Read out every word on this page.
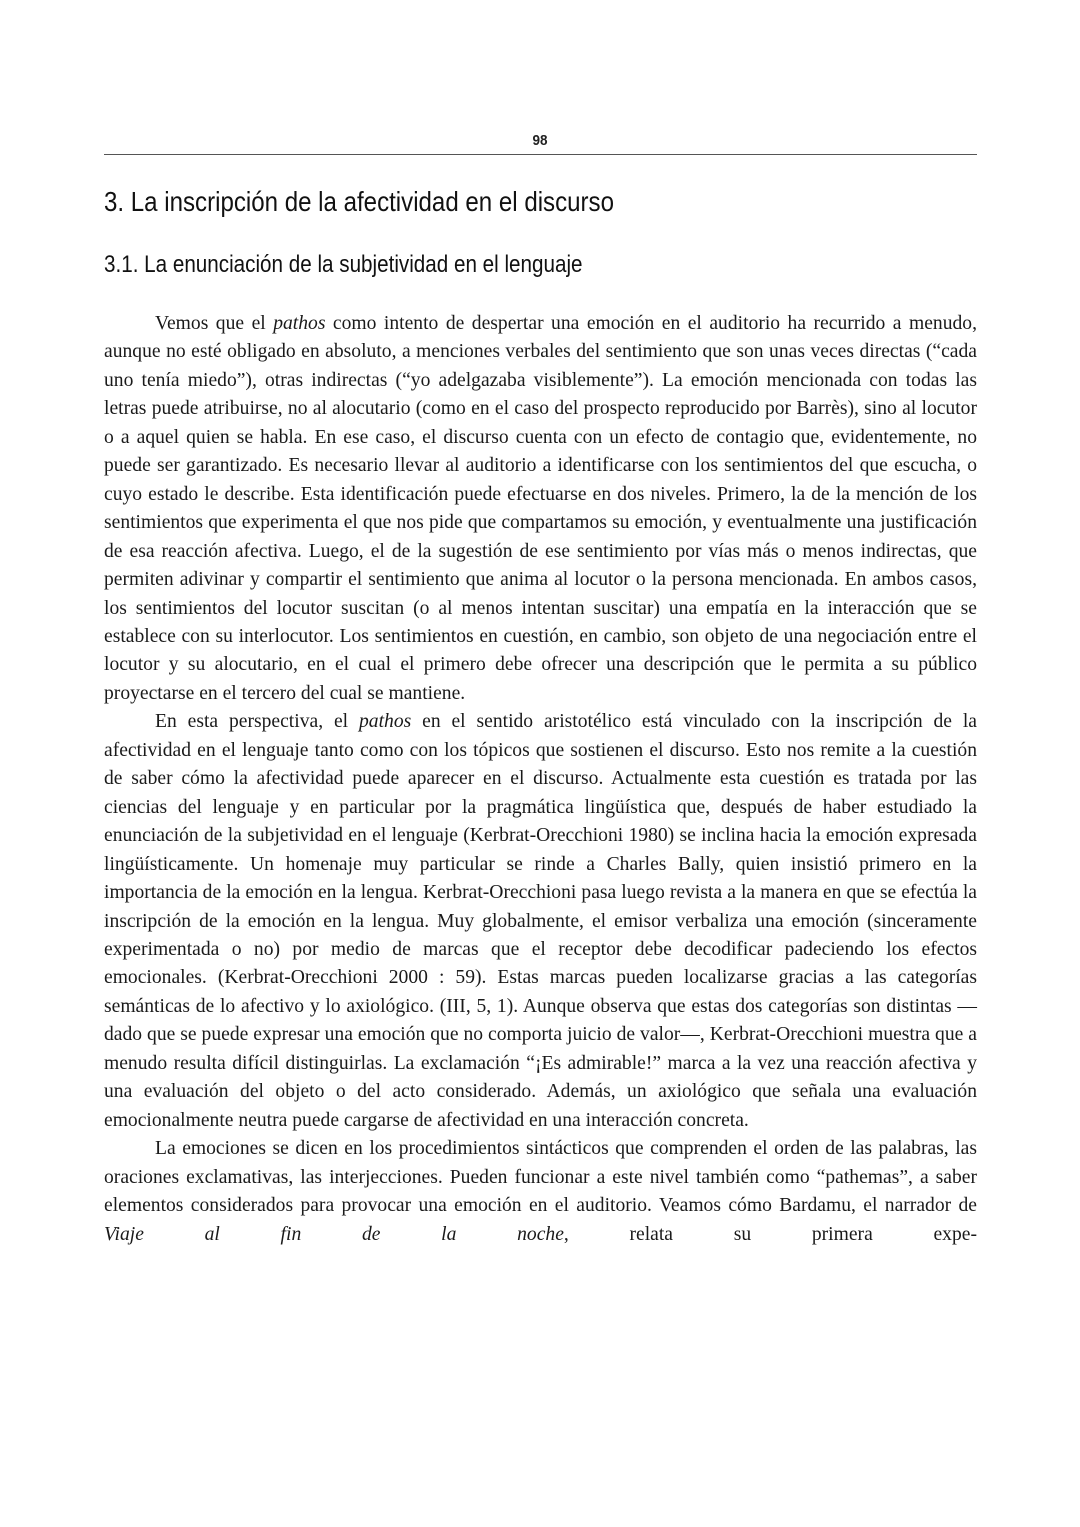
98
3. La inscripción de la afectividad en el discurso
3.1. La enunciación de la subjetividad en el lenguaje

Vemos que el pathos como intento de despertar una emoción en el auditorio ha recurrido a menudo, aunque no esté obligado en absoluto, a menciones verbales del sentimiento que son unas veces directas (“cada uno tenía miedo”), otras indirectas (“yo adelgazaba visiblemente”). La emoción mencionada con todas las letras puede atribuirse, no al alocutario (como en el caso del prospecto reproducido por Barrès), sino al locutor o a aquel quien se habla. En ese caso, el discurso cuenta con un efecto de contagio que, evidentemente, no puede ser garantizado. Es necesario llevar al auditorio a identificarse con los sentimientos del que escucha, o cuyo estado le describe. Esta identificación puede efectuarse en dos niveles. Primero, la de la mención de los sentimientos que experimenta el que nos pide que compartamos su emoción, y eventualmente una justificación de esa reacción afectiva. Luego, el de la sugestión de ese sentimiento por vías más o menos indirectas, que permiten adivinar y compartir el sentimiento que anima al locutor o la persona mencionada. En ambos casos, los sentimientos del locutor suscitan (o al menos intentan suscitar) una empatía en la interacción que se establece con su interlocutor. Los sentimientos en cuestión, en cambio, son objeto de una negociación entre el locutor y su alocutario, en el cual el primero debe ofrecer una descripción que le permita a su público proyectarse en el tercero del cual se mantiene.

En esta perspectiva, el pathos en el sentido aristotélico está vinculado con la inscripción de la afectividad en el lenguaje tanto como con los tópicos que sostienen el discurso. Esto nos remite a la cuestión de saber cómo la afectividad puede aparecer en el discurso. Actualmente esta cuestión es tratada por las ciencias del lenguaje y en particular por la pragmática lingüística que, después de haber estudiado la enunciación de la subjetividad en el lenguaje (Kerbrat-Orecchioni 1980) se inclina hacia la emoción expresada lingüísticamente. Un homenaje muy particular se rinde a Charles Bally, quien insistió primero en la importancia de la emoción en la lengua. Kerbrat-Orecchioni pasa luego revista a la manera en que se efectúa la inscripción de la emoción en la lengua. Muy globalmente, el emisor verbaliza una emoción (sinceramente experimentada o no) por medio de marcas que el receptor debe decodificar padeciendo los efectos emocionales. (Kerbrat-Orecchioni 2000 : 59). Estas marcas pueden localizarse gracias a las categorías semánticas de lo afectivo y lo axiológico. (III, 5, 1). Aunque observa que estas dos categorías son distintas —dado que se puede expresar una emoción que no comporta juicio de valor—, Kerbrat-Orecchioni muestra que a menudo resulta difícil distinguirlas. La exclamación “¡Es admirable!” marca a la vez una reacción afectiva y una evaluación del objeto o del acto considerado. Además, un axiológico que señala una evaluación emocionalmente neutra puede cargarse de afectividad en una interacción concreta.

La emociones se dicen en los procedimientos sintácticos que comprenden el orden de las palabras, las oraciones exclamativas, las interjecciones. Pueden funcionar a este nivel también como “pathemas”, a saber elementos considerados para provocar una emoción en el auditorio. Veamos cómo Bardamu, el narrador de Viaje al fin de la noche, relata su primera expe-
